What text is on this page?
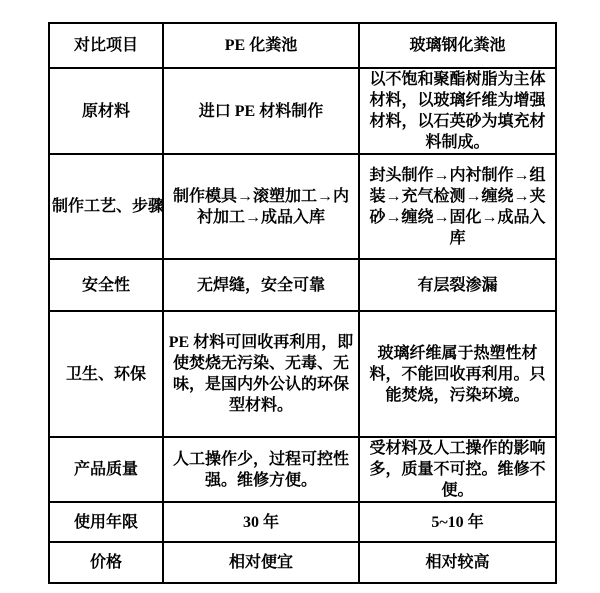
对比项目	PE 化粪池	玻璃钢化粪池
原材料	进口 PE 材料制作	以不饱和聚酯树脂为主体材料，以玻璃纤维为增强材料，以石英砂为填充材料制成。
制作工艺、步骤	制作模具→滚塑加工→内衬加工→成品入库	封头制作→内衬制作→组装→充气检测→缠绕→夹砂→缠绕→固化→成品入库
安全性	无焊缝，安全可靠	有层裂渗漏
卫生、环保	PE 材料可回收再利用，即使焚烧无污染、无毒、无味，是国内外公认的环保型材料。	玻璃纤维属于热塑性材料，不能回收再利用。只能焚烧，污染环境。
产品质量	人工操作少，过程可控性强。维修方便。	受材料及人工操作的影响多，质量不可控。维修不便。
使用年限	30 年	5~10 年
价格	相对便宜	相对较高
